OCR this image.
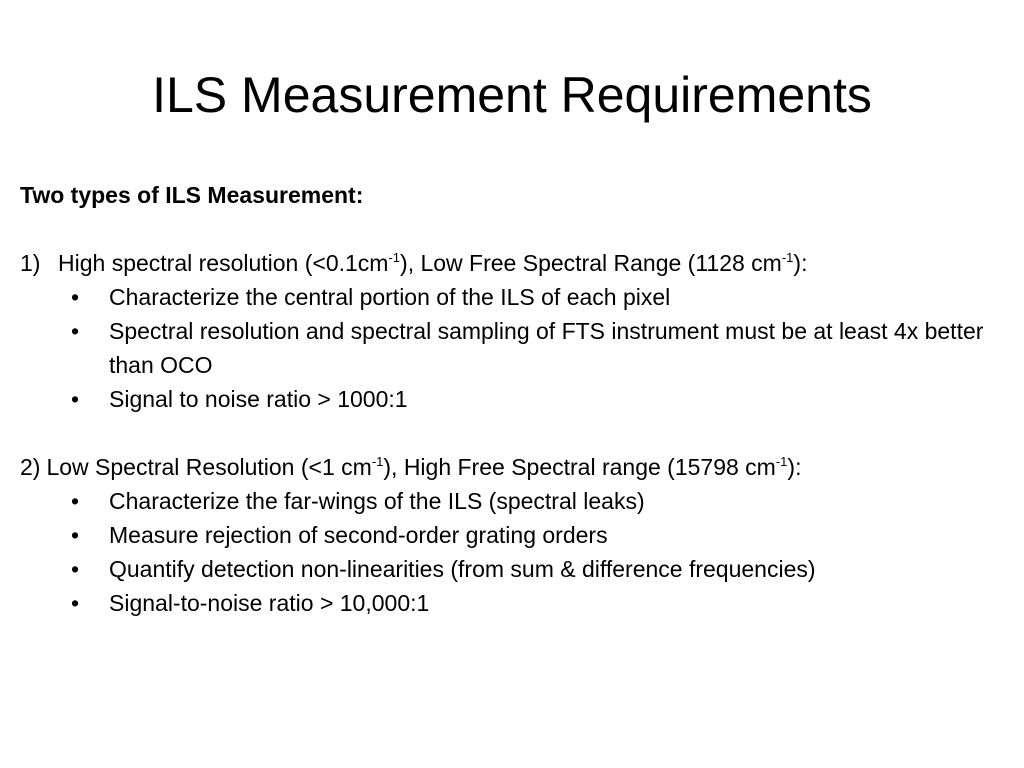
ILS Measurement Requirements
Two types of ILS Measurement:
1) High spectral resolution $(<0.1cm^{-1})$, Low Free Spectral Range (1128 $cm^{-1}$):
• Characterize the central portion of the ILS of each pixel
• Spectral resolution and spectral sampling of FTS instrument must be at least 4x better than OCO
• Signal to noise ratio > 1000:1
2) Low Spectral Resolution (<1 $cm^{-1}$), High Free Spectral range (15798 $cm^{-1}$):
• Characterize the far-wings of the ILS (spectral leaks)
• Measure rejection of second-order grating orders
• Quantify detection non-linearities (from sum & difference frequencies)
• Signal-to-noise ratio > 10,000:1
